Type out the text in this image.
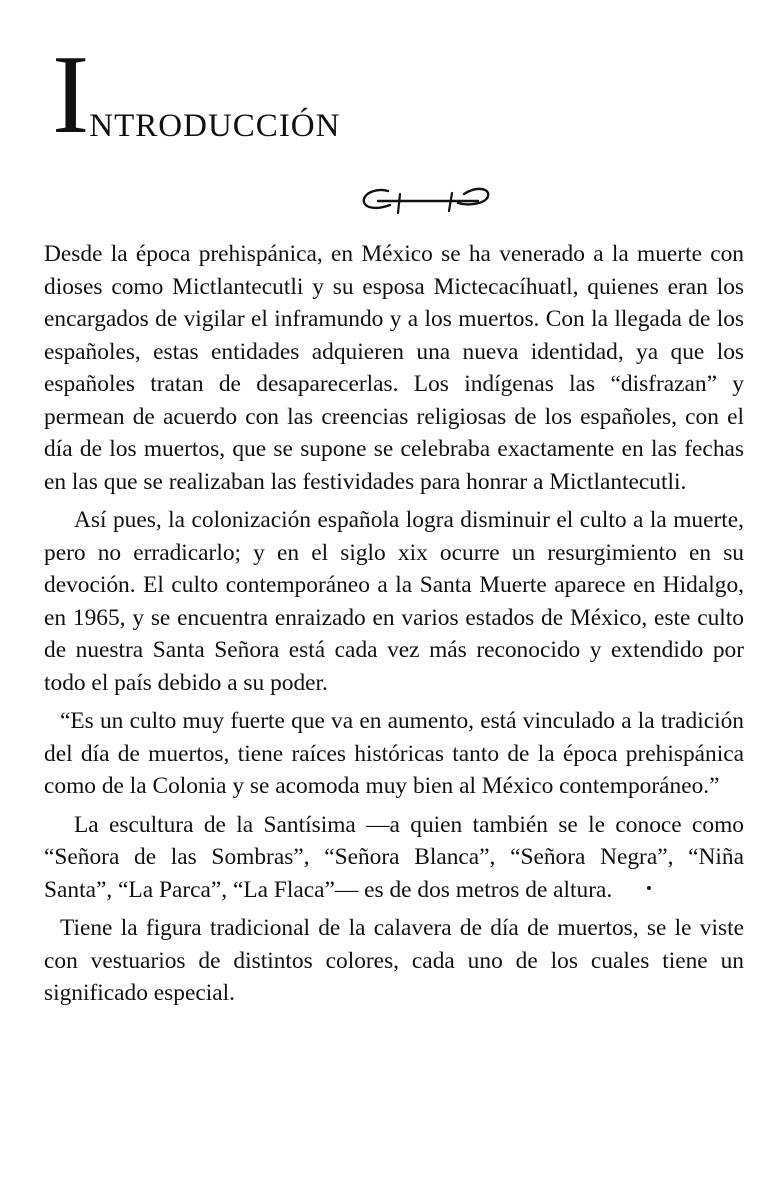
INTRODUCCIÓN

Desde la época prehispánica, en México se ha venerado a la muerte con dioses como Mictlantecutli y su esposa Mictecacíhuatl, quienes eran los encargados de vigilar el inframundo y a los muertos. Con la llegada de los españoles, estas entidades adquieren una nueva identidad, ya que los españoles tratan de desaparecerlas. Los indígenas las “disfrazan” y permean de acuerdo con las creencias religiosas de los españoles, con el día de los muertos, que se supone se celebraba exactamente en las fechas en las que se realizaban las festividades para honrar a Mictlantecutli.

Así pues, la colonización española logra disminuir el culto a la muerte, pero no erradicarlo; y en el siglo xix ocurre un resurgimiento en su devoción. El culto contemporáneo a la Santa Muerte aparece en Hidalgo, en 1965, y se encuentra enraizado en varios estados de México, este culto de nuestra Santa Señora está cada vez más reconocido y extendido por todo el país debido a su poder.

“Es un culto muy fuerte que va en aumento, está vinculado a la tradición del día de muertos, tiene raíces históricas tanto de la época prehispánica como de la Colonia y se acomoda muy bien al México contemporáneo.”

La escultura de la Santísima —a quien también se le conoce como “Señora de las Sombras”, “Señora Blanca”, “Señora Negra”, “Niña Santa”, “La Parca”, “La Flaca”— es de dos metros de altura.

Tiene la figura tradicional de la calavera de día de muertos, se le viste con vestuarios de distintos colores, cada uno de los cuales tiene un significado especial.
